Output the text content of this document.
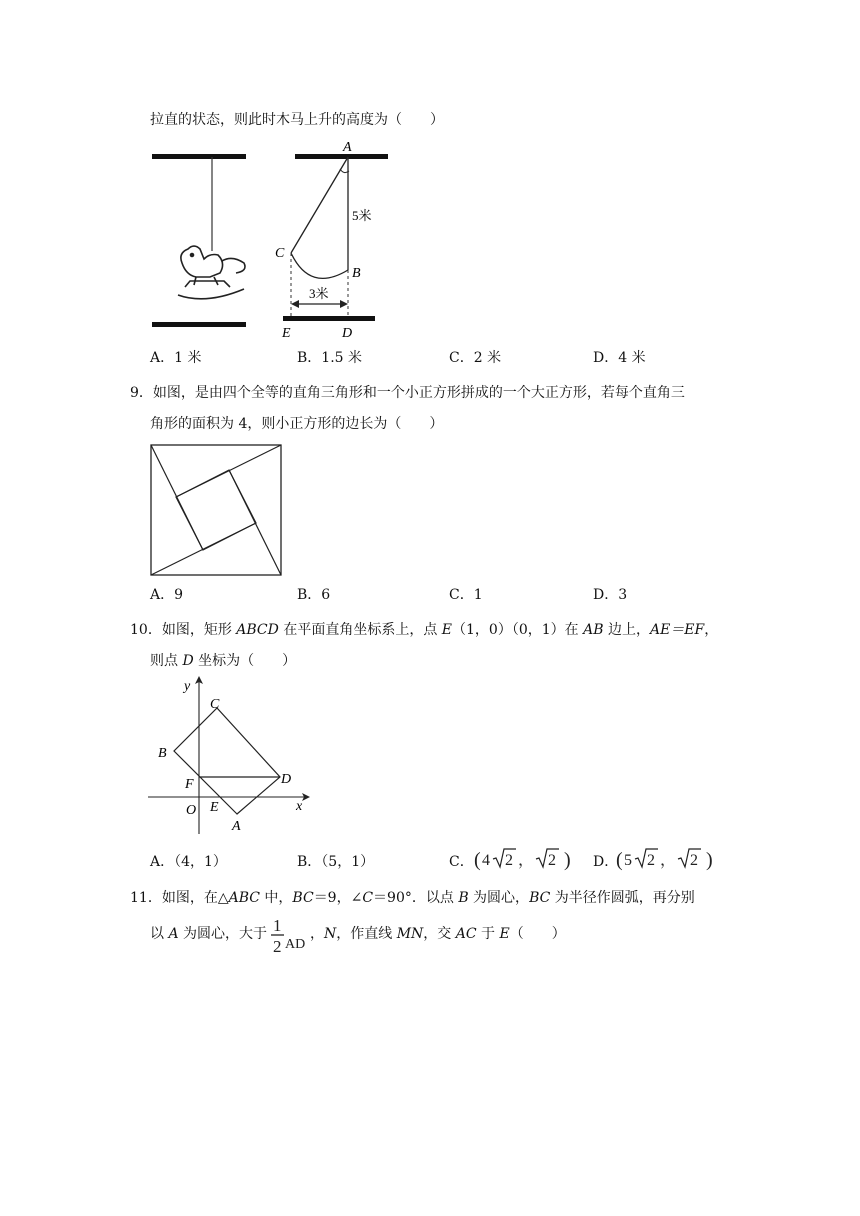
拉直的状态，则此时木马上升的高度为（　　）
A
5米
C
B
3米
E	D
A．1 米	B．1.5 米	C．2 米	D．4 米
9．如图，是由四个全等的直角三角形和一个小正方形拼成的一个大正方形，若每个直角三
角形的面积为 4，则小正方形的边长为（　　）
A．9	B．6	C．1	D．3
10．如图，矩形 ABCD 在平面直角坐标系上，点 E（1，0）（0，1）在 AB 边上，AE＝EF，
则点 D 坐标为（　　）
y
x
O E
A
B
C
D
F
A．（4，1）	B．（5，1）	C． ( 4 2 ， 2 ) D．
( 5 2 ， 2 )
11．如图，在△ABC 中，BC＝9，∠C＝90°．以点 B 为圆心，BC 为半径作圆弧，再分别
以 A 为圆心，大于 1
2 AD
，N，作直线 MN，交 AC 于 E（　　）
